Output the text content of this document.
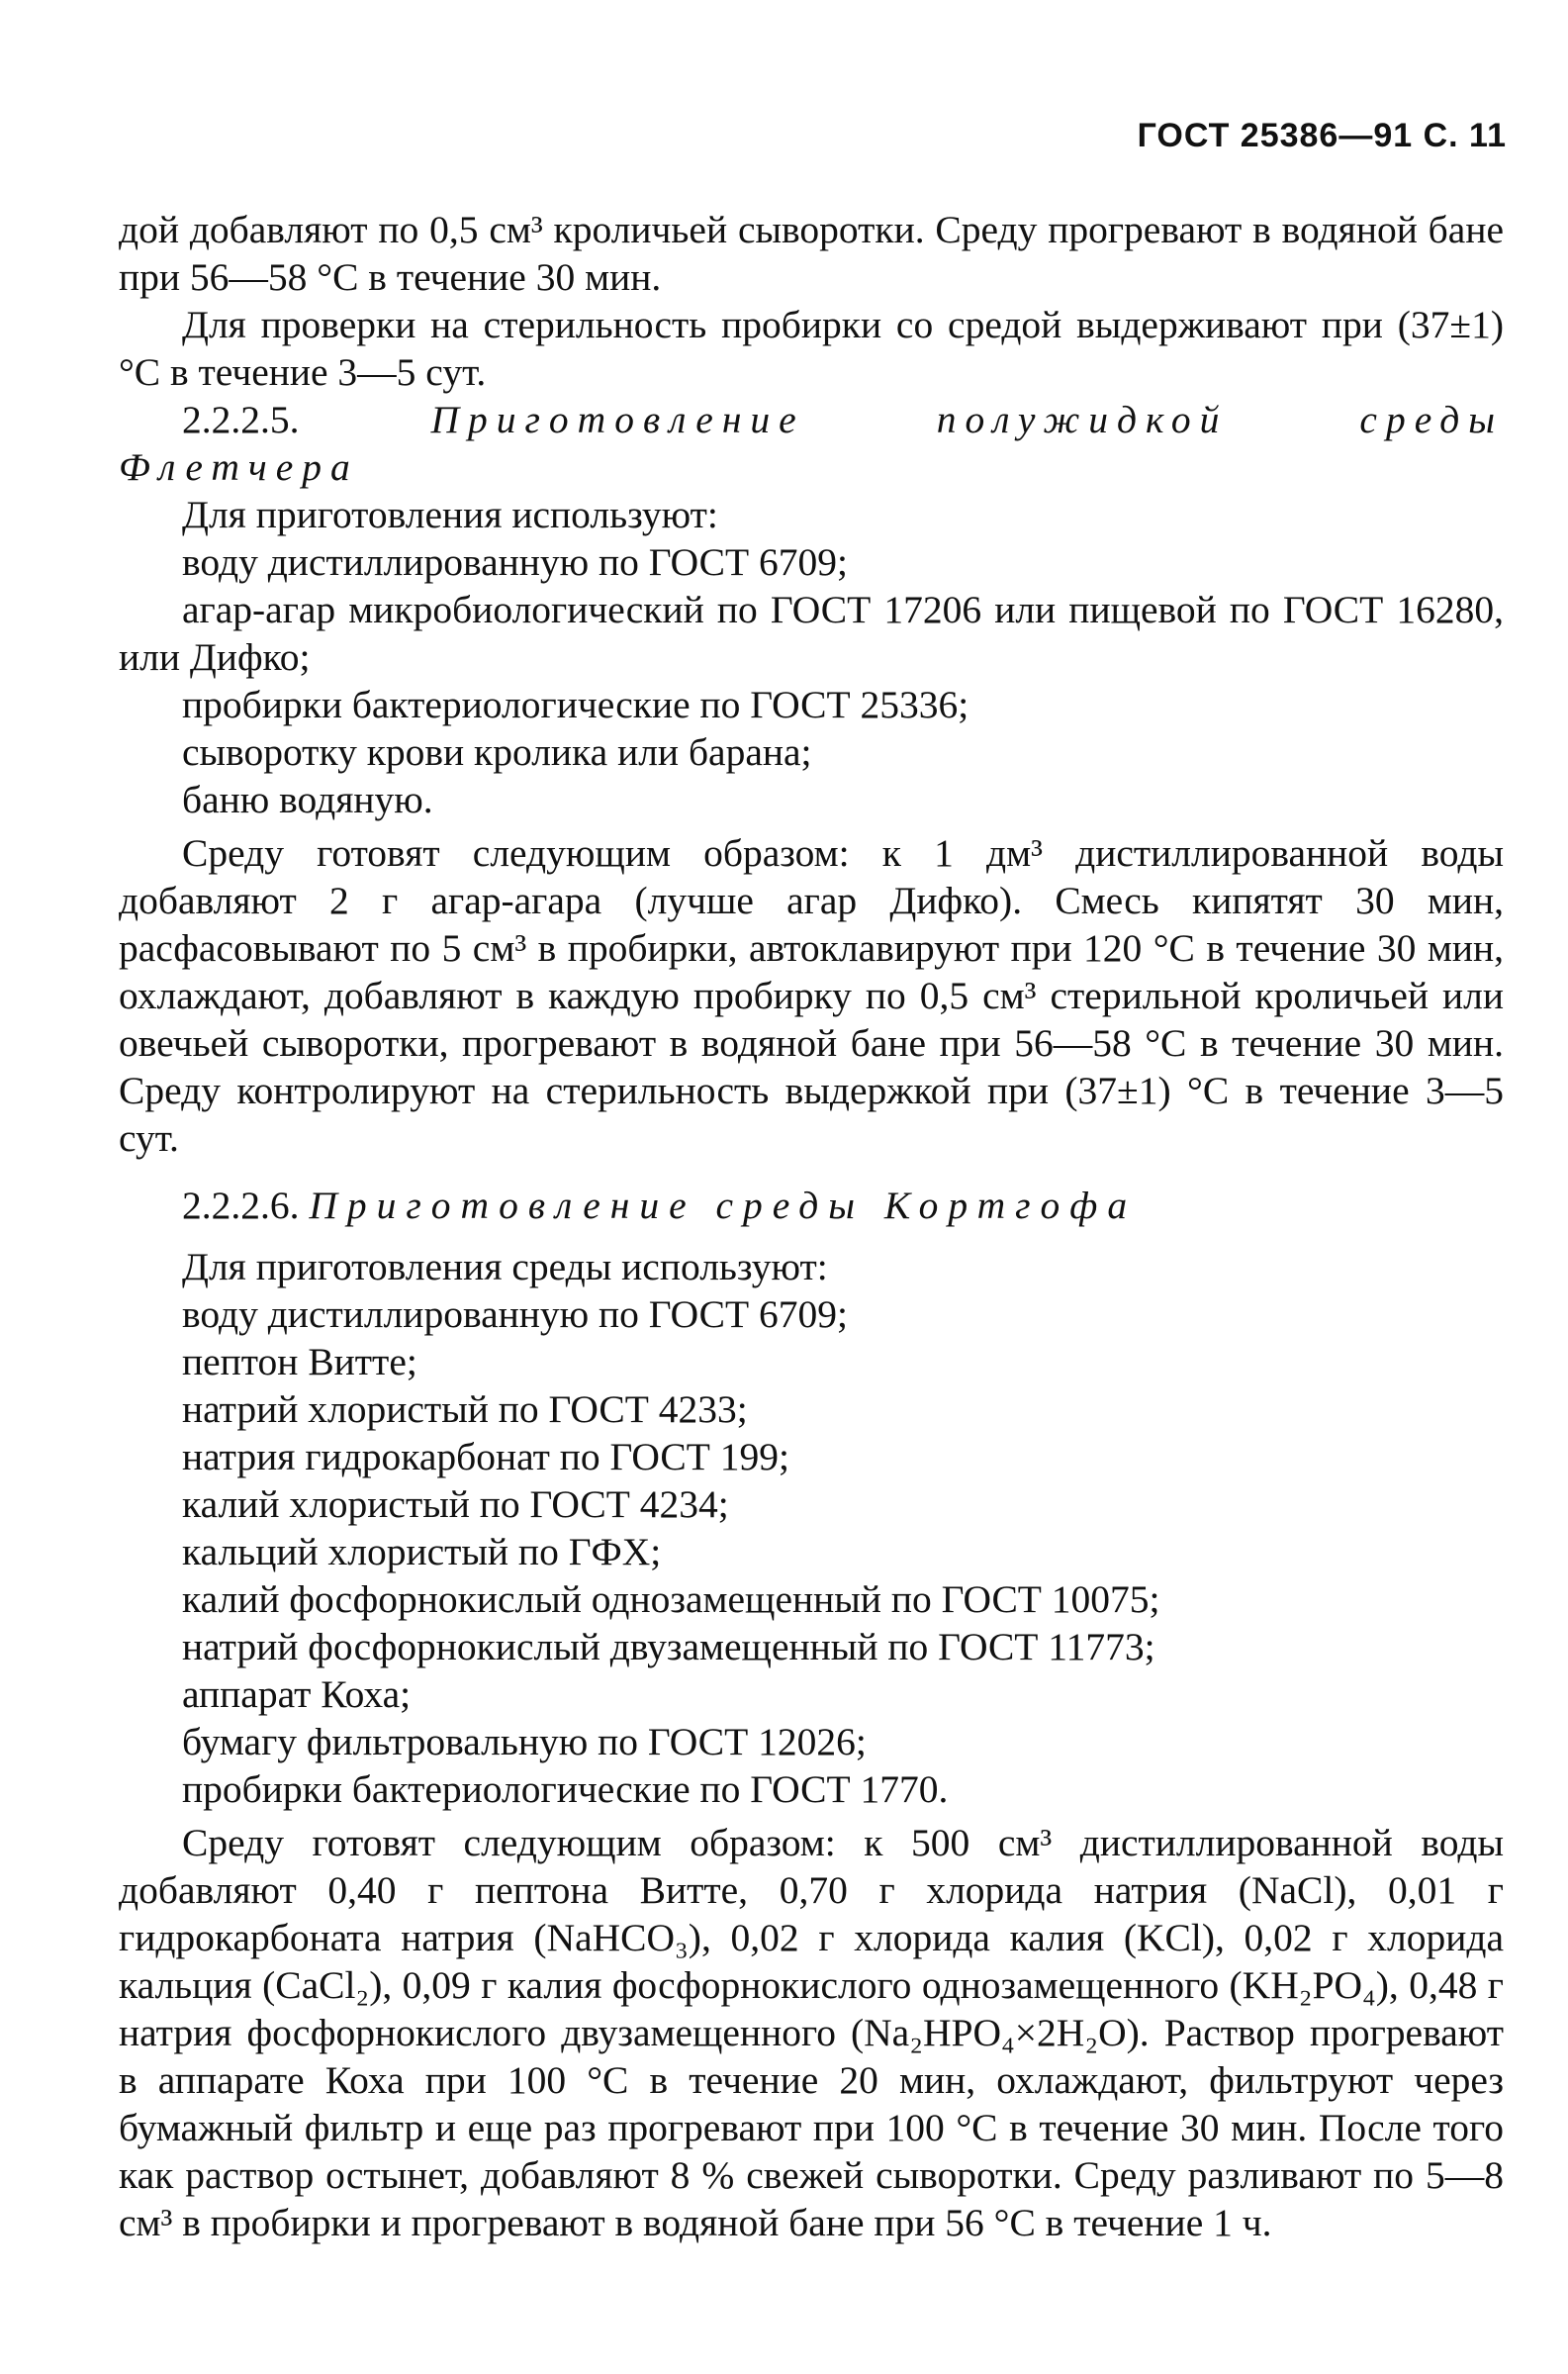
ГОСТ 25386—91 С. 11

дой добавляют по 0,5 см³ кроличьей сыворотки. Среду прогревают в водяной бане при 56—58 °С в течение 30 мин.

Для проверки на стерильность пробирки со средой выдерживают при (37±1) °С в течение 3—5 сут.

2.2.2.5.	Приготовление	полужидкой	среды

Флетчера

Для приготовления используют:

воду дистиллированную по ГОСТ 6709;

агар-агар микробиологический по ГОСТ 17206 или пищевой по ГОСТ 16280, или Дифко;

пробирки бактериологические по ГОСТ 25336;

сыворотку крови кролика или барана;

баню водяную.

Среду готовят следующим образом: к 1 дм³ дистиллированной воды добавляют 2 г агар-агара (лучше агар Дифко). Смесь кипятят 30 мин, расфасовывают по 5 см³ в пробирки, автоклавируют при 120 °С в течение 30 мин, охлаждают, добавляют в каждую пробирку по 0,5 см³ стерильной кроличьей или овечьей сыворотки, прогревают в водяной бане при 56—58 °С в течение 30 мин. Среду контролируют на стерильность выдержкой при (37±1) °С в течение 3—5 сут.

2.2.2.6. Приготовление среды Кортгофа

Для приготовления среды используют:

воду дистиллированную по ГОСТ 6709;

пептон Витте;

натрий хлористый по ГОСТ 4233;

натрия гидрокарбонат по ГОСТ 199;

калий хлористый по ГОСТ 4234;

кальций хлористый по ГФХ;

калий фосфорнокислый однозамещенный по ГОСТ 10075;

натрий фосфорнокислый двузамещенный по ГОСТ 11773;

аппарат Коха;

бумагу фильтровальную по ГОСТ 12026;

пробирки бактериологические по ГОСТ 1770.

Среду готовят следующим образом: к 500 см³ дистиллированной воды добавляют 0,40 г пептона Витте, 0,70 г хлорида натрия (NaCl), 0,01 г гидрокарбоната натрия (NaHCO₃), 0,02 г хлорида калия (KCl), 0,02 г хлорида кальция (CaCl₂), 0,09 г калия фосфорнокислого однозамещенного (KH₂PO₄), 0,48 г натрия фосфорнокислого двузамещенного (Na₂HPO₄×2H₂O). Раствор прогревают в аппарате Коха при 100 °С в течение 20 мин, охлаждают, фильтруют через бумажный фильтр и еще раз прогревают при 100 °С в течение 30 мин. После того как раствор остынет, добавляют 8 % свежей сыворотки. Среду разливают по 5—8 см³ в пробирки и прогревают в водяной бане при 56 °С в течение 1 ч.
